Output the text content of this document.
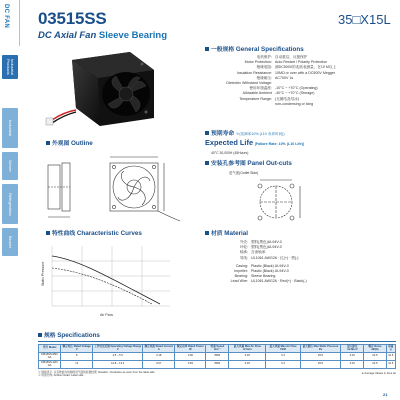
DC FAN
Industrial Products
Industrial
Server
Refrigeration
Blower
03515SS
DC Axial Fan Sleeve Bearing
35□X15L
一般规格 General Specifications
电机保护: 自动重启，反极保护
Motor Protection: Auto Restart / Polarity Protection
绝缘电阻: 测DC500V的兆欧表测量，在10 M以上
Insulation Resistance: 10MΩ or over with a DC500V Megger
绝缘耐压: AC700V 1s
Dielectric Withstand Voltage:
使用环境温度: -10°C ~ +70°C (Operating)
Allowable Ambient -40°C ~ +70°C (Storage)
Temperature Range: (无凝结及结冰)
non-condensing or icing
预期寿命 ※(故障率10% (L10 寿命时间))
Expected Life (Failure Rate: 10% (L10 Life))
40°C 30,000H (45Hours)
外观图 Outline
安装孔参考图 Panel Out-cuts
进气面(Outlet Side)
特性曲线 Characteristic Curves
Air Flow
Static Pressure
材质 Material
外壳: 塑料(黑色)UL94V-0
叶轮: 塑料(黑色)UL94V-0
轴承: 含油轴承
导线: UL1061 AWG26 · 红(+) · 黑(-)
Casing: Plastic (Black) UL94V-0
Impeller: Plastic (Black) UL94V-0
Bearing: Sleeve Bearing
Lead Wire: UL1061 AWG26 · Red(+) · Black(-)
规格 Specifications
型号 Model	额定电压 Rated Voltage V	工作电压范围 Operating Voltage Range V	额定电流 Rated Current A	额定功率 Rated Power W	转速 Speed min⁻¹	最大风量 Max Air Flow m³/min	最大风量 Max Air Flow CFM	最大静压 Max Static Pressure Pa	最大静压 inchH₂O	噪音 Noise dB(A)	重量 g
03515SS-05N-AA	5	4.5 ~ 5.5	0.18	0.90	8000	0.18	6.4	39.5	0.16	24.5	12.5
03515SS-12N-AA	12	10.8 ~ 13.2	0.07	0.84	8000	0.18	6.4	39.5	0.16	24.5	12.5
※ 规格表示, 以有效面为依据的进气面的检测结果. Rotation: Clockwise as seen from the label side
※ 风的方向: Airflow Outlet: Label side
※ Average Values in Free air
21
